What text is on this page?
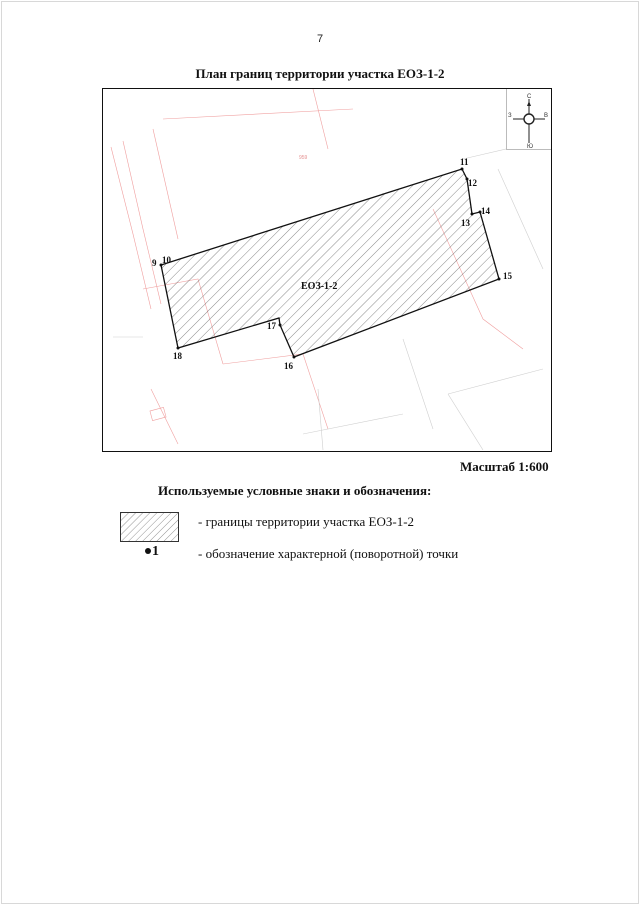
7
План границ территории участка ЕОЗ-1-2
959
9 10
11
12
13
14
15
16
17
18
ЕОЗ-1-2
С
Ю
З	В
Масштаб 1:600
Используемые условные знаки и обозначения:
- границы территории участка ЕОЗ-1-2
1	- обозначение характерной (поворотной) точки
